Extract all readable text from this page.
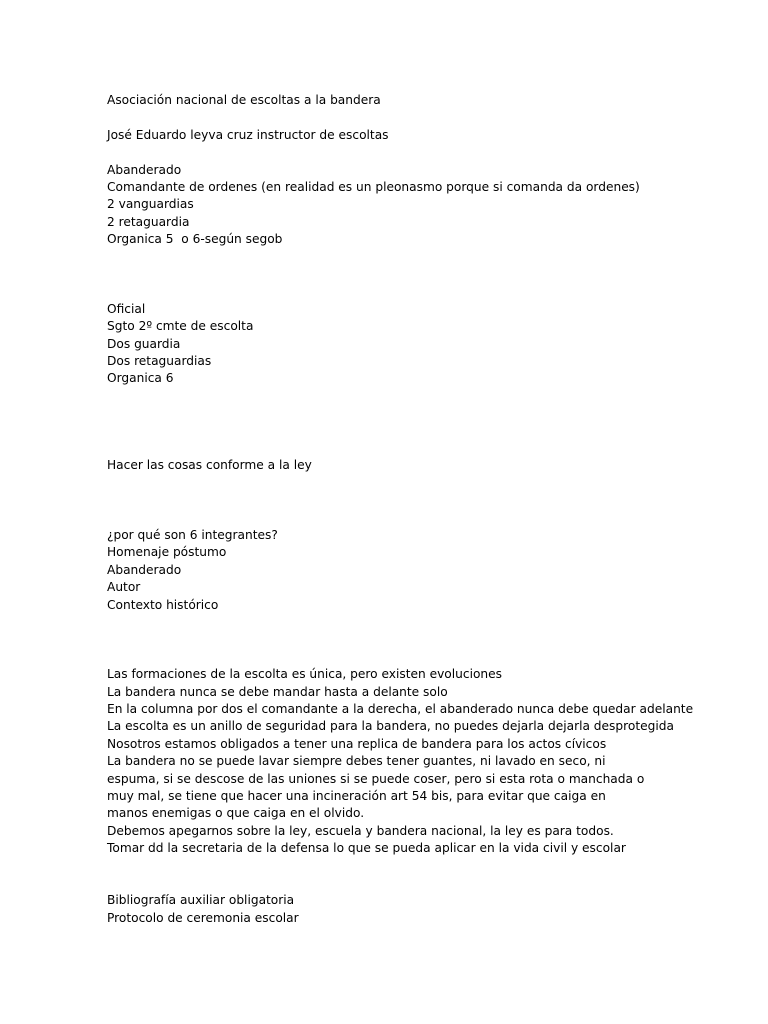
Asociación nacional de escoltas a la bandera
José Eduardo leyva cruz instructor de escoltas
Abanderado
Comandante de ordenes (en realidad es un pleonasmo porque si comanda da ordenes)
2 vanguardias
2 retaguardia
Organica 5  o 6-según segob
Oficial
Sgto 2º cmte de escolta
Dos guardia
Dos retaguardias
Organica 6
Hacer las cosas conforme a la ley
¿por qué son 6 integrantes?
Homenaje póstumo
Abanderado
Autor
Contexto histórico
Las formaciones de la escolta es única, pero existen evoluciones
La bandera nunca se debe mandar hasta a delante solo
En la columna por dos el comandante a la derecha, el abanderado nunca debe quedar adelante
La escolta es un anillo de seguridad para la bandera, no puedes dejarla dejarla desprotegida
Nosotros estamos obligados a tener una replica de bandera para los actos cívicos
La bandera no se puede lavar siempre debes tener guantes, ni lavado en seco, ni espuma, si se descose de las uniones si se puede coser, pero si esta rota o manchada o muy mal, se tiene que hacer una incineración art 54 bis, para evitar que caiga en manos enemigas o que caiga en el olvido.
Debemos apegarnos sobre la ley, escuela y bandera nacional, la ley es para todos.
Tomar dd la secretaria de la defensa lo que se pueda aplicar en la vida civil y escolar
Bibliografía auxiliar obligatoria
Protocolo de ceremonia escolar
